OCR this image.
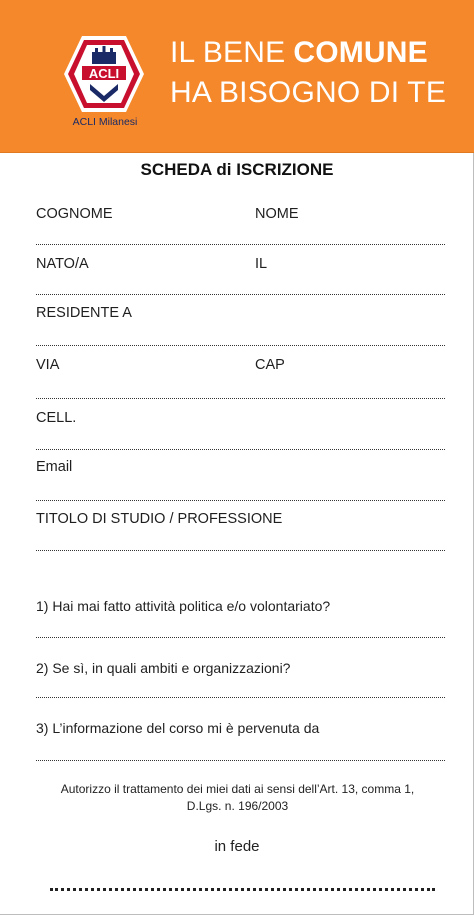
ACLI
ACLI Milanesi
IL BENE COMUNE
HA BISOGNO DI TE
SCHEDA di ISCRIZIONE
COGNOME	NOME
NATO/A	IL
RESIDENTE A
VIA	CAP
CELL.
Email
TITOLO DI STUDIO / PROFESSIONE
1) Hai mai fatto attività politica e/o volontariato?
2) Se sì, in quali ambiti e organizzazioni?
3) L’informazione del corso mi è pervenuta da
Autorizzo il trattamento dei miei dati ai sensi dell’Art. 13, comma 1,
D.Lgs. n. 196/2003
in fede
